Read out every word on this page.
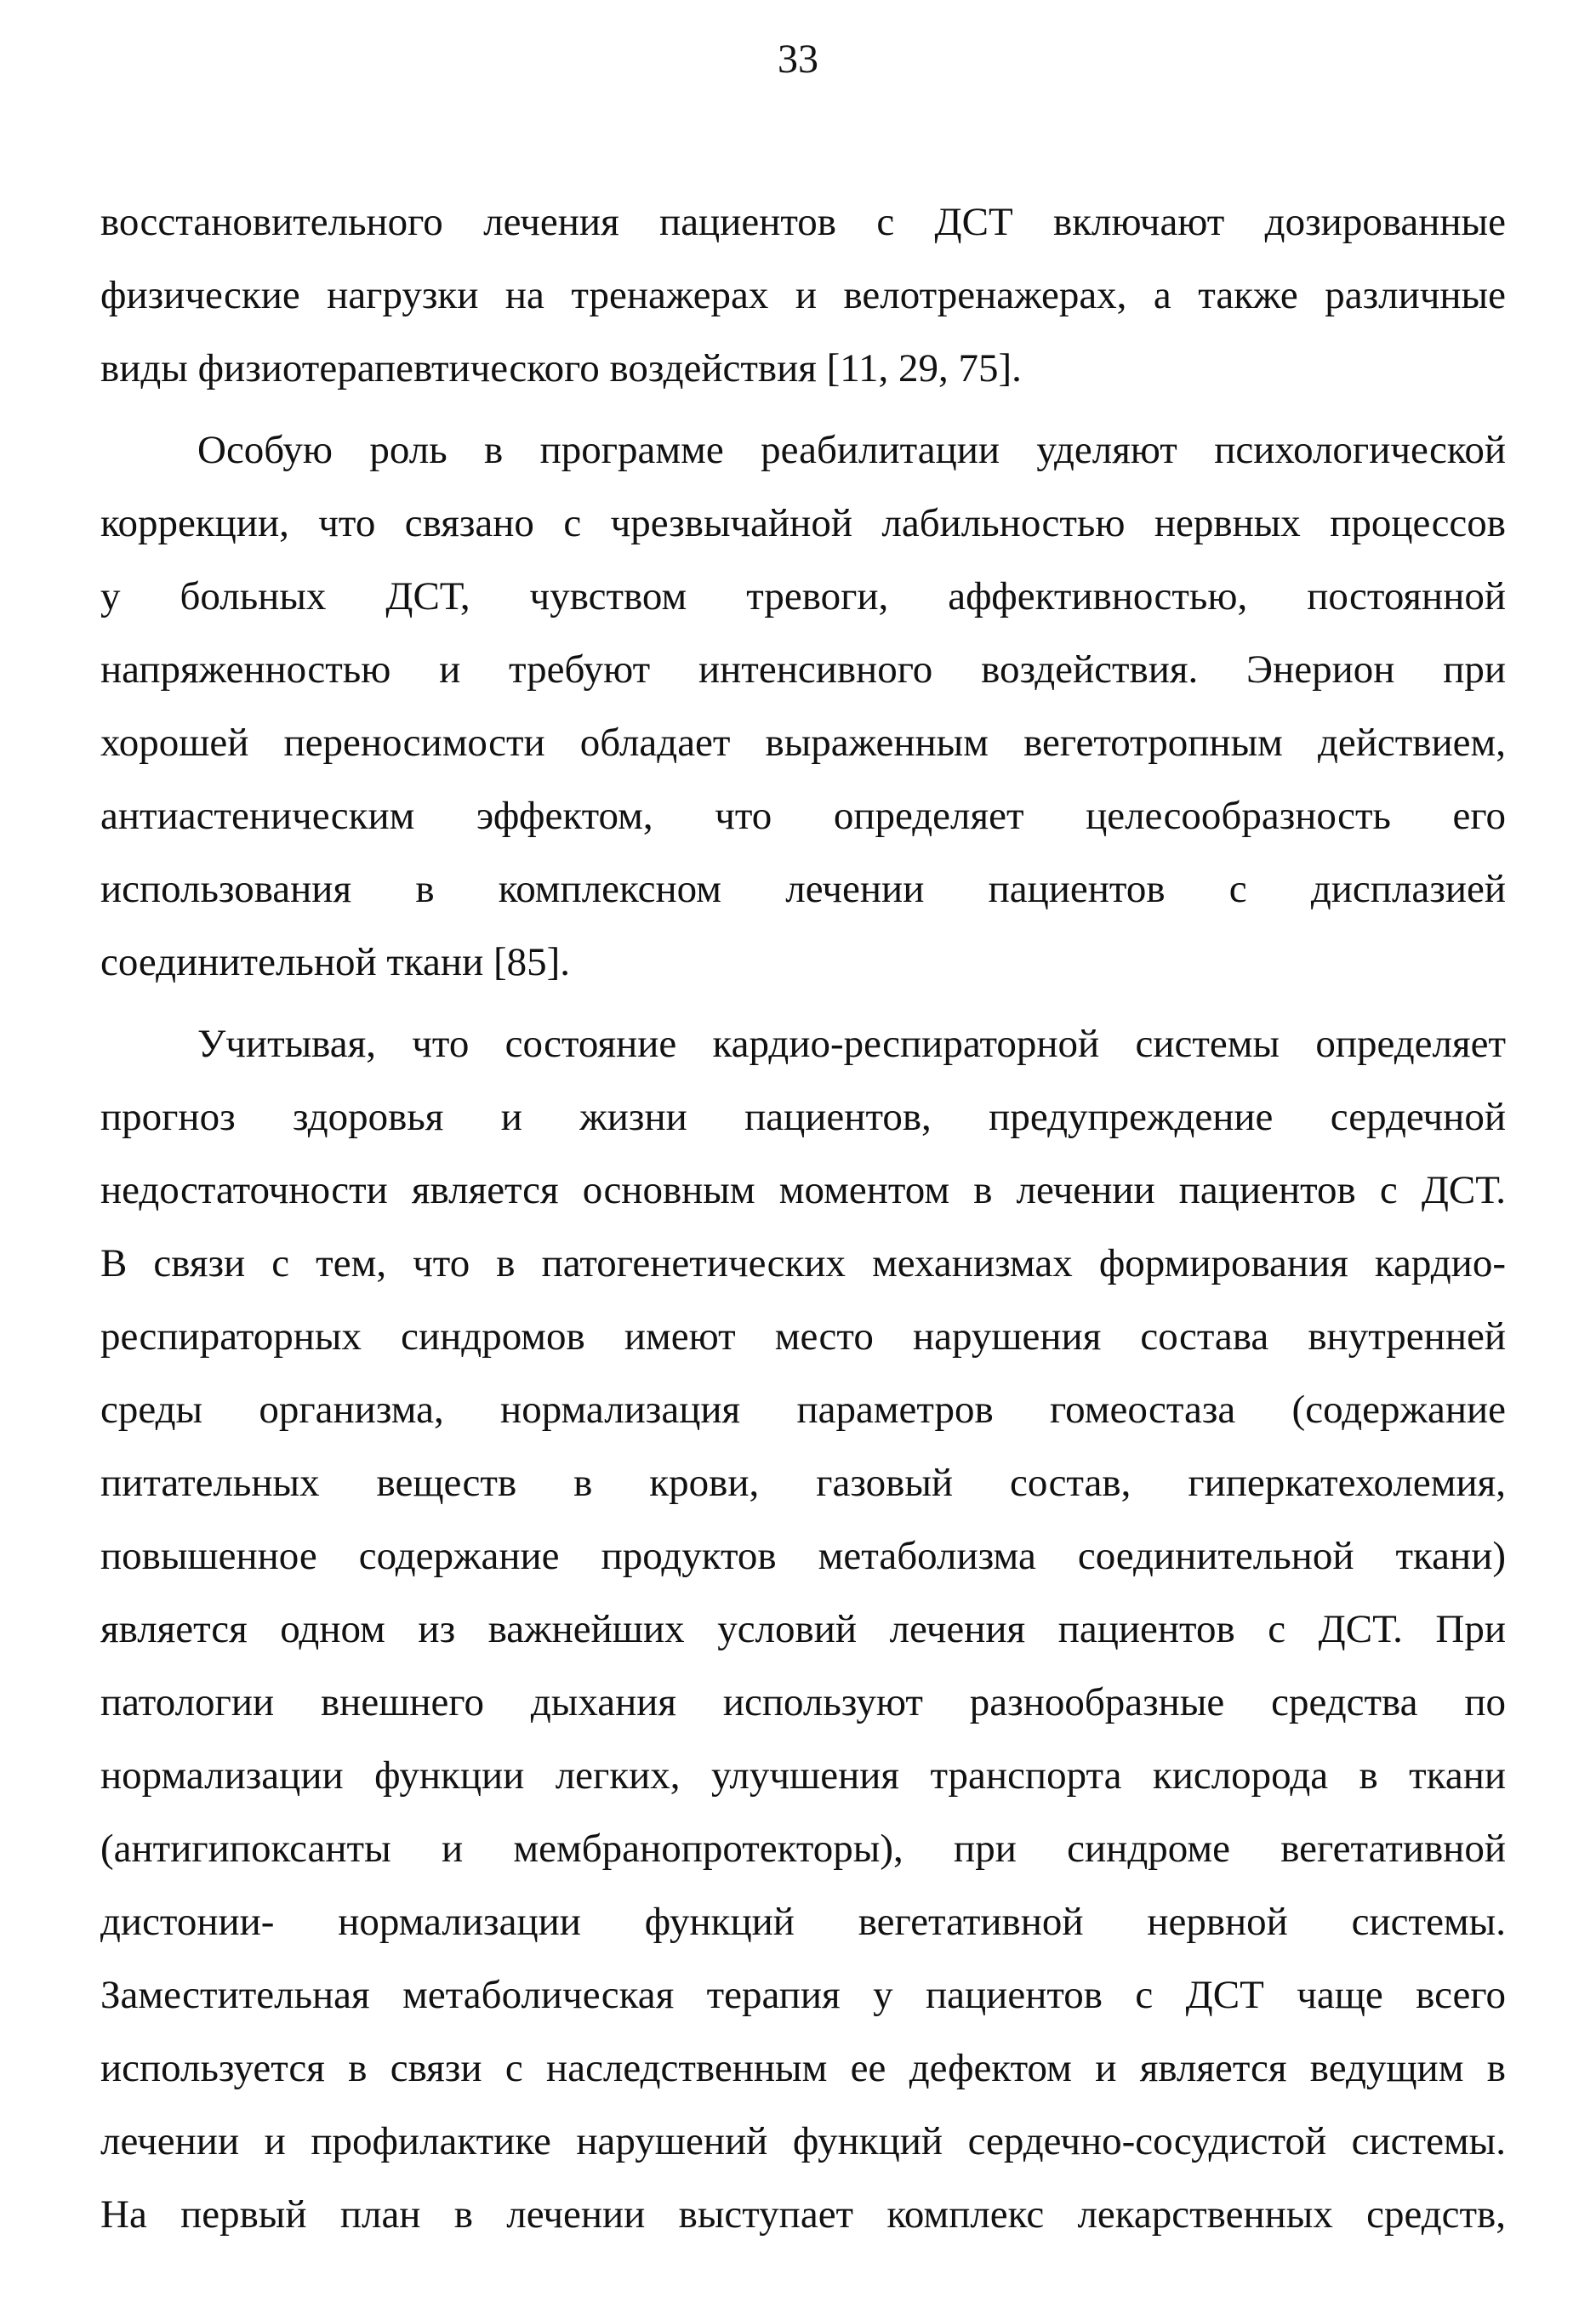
33
восстановительного лечения пациентов с ДСТ включают дозированные
физические нагрузки на тренажерах и велотренажерах, а также различные
виды физиотерапевтического воздействия [11, 29, 75].
Особую роль в программе реабилитации уделяют психологической
коррекции, что связано с чрезвычайной лабильностью нервных процессов
у больных ДСТ, чувством тревоги, аффективностью, постоянной
напряженностью и требуют интенсивного воздействия. Энерион при
хорошей переносимости обладает выраженным вегетотропным действием,
антиастеническим эффектом, что определяет целесообразность его
использования в комплексном лечении пациентов с дисплазией
соединительной ткани [85].
Учитывая, что состояние кардио-респираторной системы определяет
прогноз здоровья и жизни пациентов, предупреждение сердечной
недостаточности является основным моментом в лечении пациентов с ДСТ.
В связи с тем, что в патогенетических механизмах формирования кардио-
респираторных синдромов имеют место нарушения состава внутренней
среды организма, нормализация параметров гомеостаза (содержание
питательных веществ в крови, газовый состав, гиперкатехолемия,
повышенное содержание продуктов метаболизма соединительной ткани)
является одном из важнейших условий лечения пациентов с ДСТ. При
патологии внешнего дыхания используют разнообразные средства по
нормализации функции легких, улучшения транспорта кислорода в ткани
(антигипоксанты и мембранопротекторы), при синдроме вегетативной
дистонии- нормализации функций вегетативной нервной системы.
Заместительная метаболическая терапия у пациентов с ДСТ чаще всего
используется в связи с наследственным ее дефектом и является ведущим в
лечении и профилактике нарушений функций сердечно-сосудистой системы.
На первый план в лечении выступает комплекс лекарственных средств,
